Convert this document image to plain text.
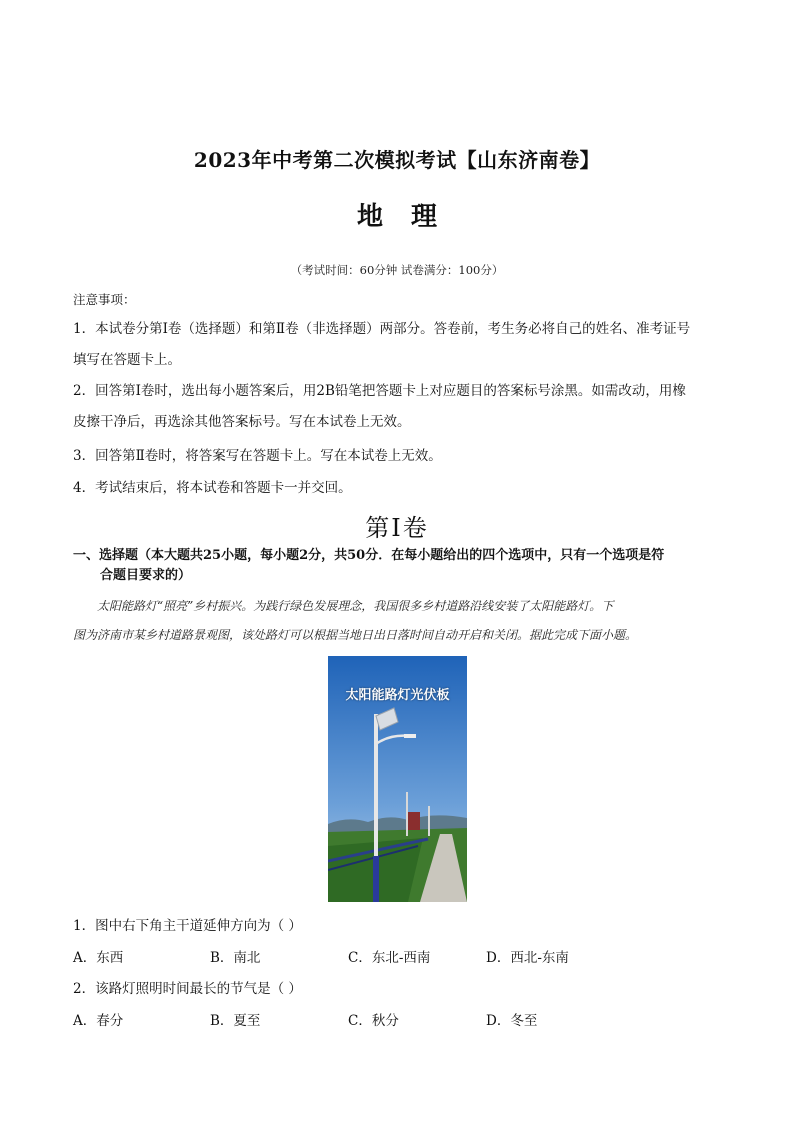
2023年中考第二次模拟考试【山东济南卷】
地理
（考试时间：60分钟 试卷满分：100分）
注意事项：
1．本试卷分第Ⅰ卷（选择题）和第Ⅱ卷（非选择题）两部分。答卷前，考生务必将自己的姓名、准考证号
填写在答题卡上。
2．回答第Ⅰ卷时，选出每小题答案后，用2B铅笔把答题卡上对应题目的答案标号涂黑。如需改动，用橡
皮擦干净后，再选涂其他答案标号。写在本试卷上无效。
3．回答第Ⅱ卷时，将答案写在答题卡上。写在本试卷上无效。
4．考试结束后，将本试卷和答题卡一并交回。
第Ⅰ卷
一、选择题（本大题共25小题，每小题2分，共50分．在每小题给出的四个选项中，只有一个选项是符
合题目要求的）

太阳能路灯“照亮”乡村振兴。为践行绿色发展理念，我国很多乡村道路沿线安装了太阳能路灯。下

图为济南市某乡村道路景观图，该处路灯可以根据当地日出日落时间自动开启和关闭。据此完成下面小题。
太阳能路灯光伏板
1．图中右下角主干道延伸方向为（ ）
A．东西	B．南北	C．东北-西南	D．西北-东南
2．该路灯照明时间最长的节气是（ ）
A．春分	B．夏至	C．秋分	D．冬至
